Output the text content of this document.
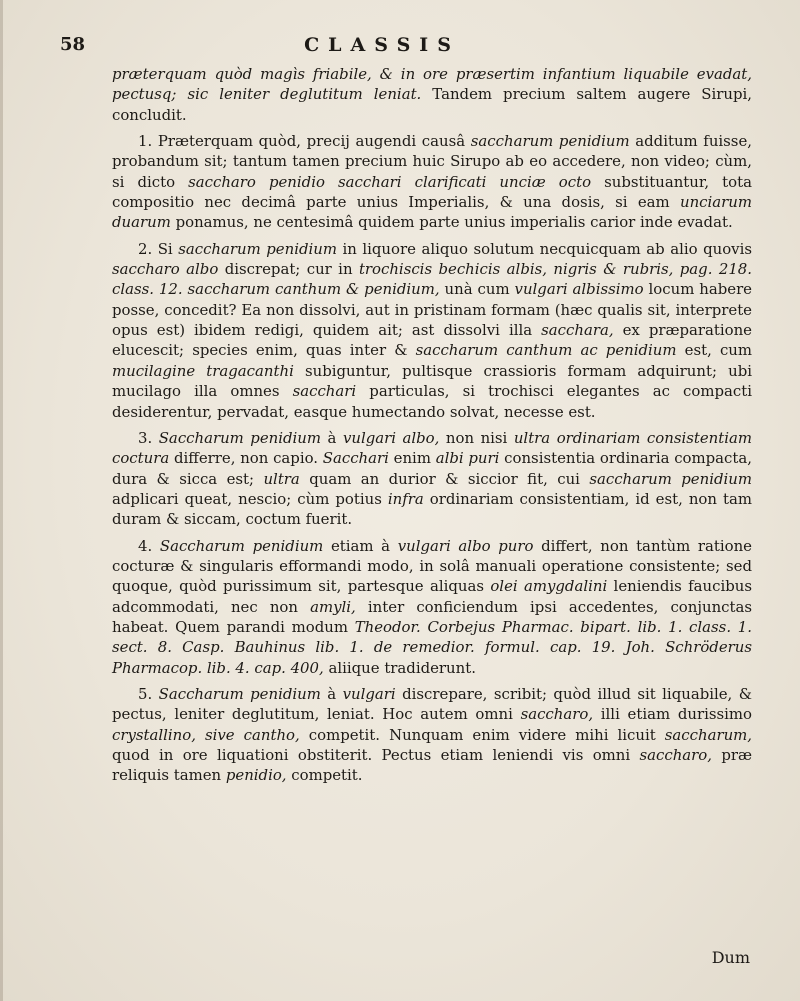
58	CLASSIS

præterquam quòd magìs friabile, & in ore præsertim infantium liquabile evadat, pectusq; sic leniter deglutitum leniat. Tandem precium saltem augere Sirupi, concludit.

1. Præterquam quòd, precij augendi causâ saccharum penidium additum fuisse, probandum sit; tantum tamen precium huic Sirupo ab eo accedere, non video; cùm, si dicto saccharo penidio sacchari clarificati unciæ octo substituantur, tota compositio nec decimâ parte unius Imperialis, & una dosis, si eam unciarum duarum ponamus, ne centesimâ quidem parte unius imperialis carior inde evadat.

2. Si saccharum penidium in liquore aliquo solutum necquicquam ab alio quovis saccharo albo discrepat; cur in trochiscis bechicis albis, nigris & rubris, pag. 218. class. 12. saccharum canthum & penidium, unà cum vulgari albissimo locum habere posse, concedit? Ea non dissolvi, aut in pristinam formam (hæc qualis sit, interprete opus est) ibidem redigi, quidem ait; ast dissolvi illa sacchara, ex præparatione elucescit; species enim, quas inter & saccharum canthum ac penidium est, cum mucilagine tragacanthi subiguntur, pultisque crassioris formam adquirunt; ubi mucilago illa omnes sacchari particulas, si trochisci elegantes ac compacti desiderentur, pervadat, easque humectando solvat, necesse est.

3. Saccharum penidium à vulgari albo, non nisi ultra ordinariam consistentiam coctura differre, non capio. Sacchari enim albi puri consistentia ordinaria compacta, dura & sicca est; ultra quam an durior & siccior fit, cui saccharum penidium adplicari queat, nescio; cùm potius infra ordinariam consistentiam, id est, non tam duram & siccam, coctum fuerit.

4. Saccharum penidium etiam à vulgari albo puro differt, non tantùm ratione cocturæ & singularis efformandi modo, in solâ manuali operatione consistente; sed quoque, quòd purissimum sit, partesque aliquas olei amygdalini leniendis faucibus adcommodati, nec non amyli, inter conficiendum ipsi accedentes, conjunctas habeat. Quem parandi modum Theodor. Corbejus Pharmac. bipart. lib. 1. class. 1. sect. 8. Casp. Bauhinus lib. 1. de remedior. formul. cap. 19. Joh. Schröderus Pharmacop. lib. 4. cap. 400, aliique tradiderunt.

5. Saccharum penidium à vulgari discrepare, scribit; quòd illud sit liquabile, & pectus, leniter deglutitum, leniat. Hoc autem omni saccharo, illi etiam durissimo crystallino, sive cantho, competit. Nunquam enim videre mihi licuit saccharum, quod in ore liquationi obstiterit. Pectus etiam leniendi vis omni saccharo, præ reliquis tamen penidio, competit.

Dum
